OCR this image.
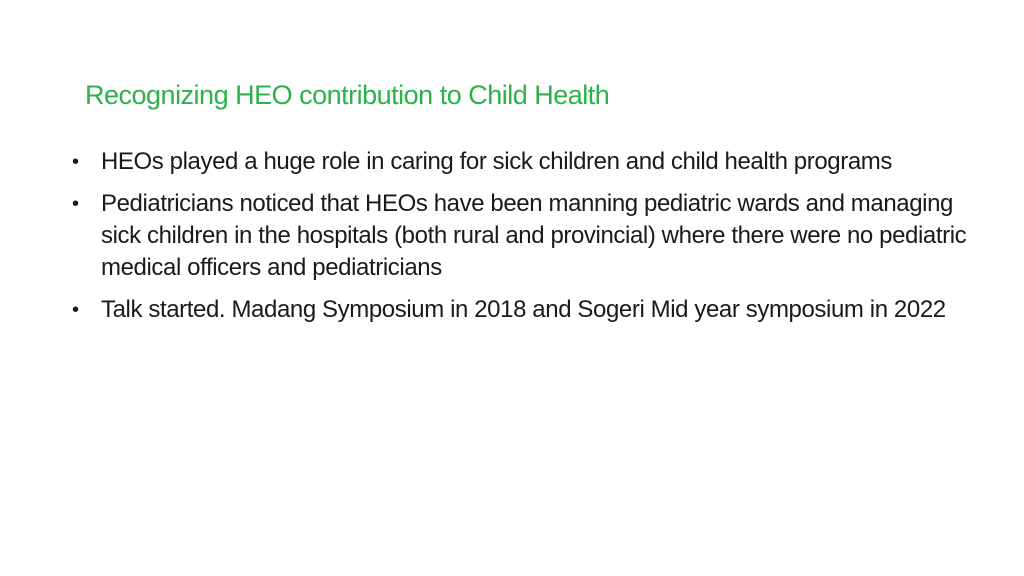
Recognizing HEO contribution to Child Health
• HEOs played a huge role in caring for sick children and child health programs
• Pediatricians noticed that HEOs have been manning pediatric wards and managing sick children in the hospitals (both rural and provincial) where there were no pediatric medical officers and pediatricians
• Talk started. Madang Symposium in 2018 and Sogeri Mid year symposium in 2022
